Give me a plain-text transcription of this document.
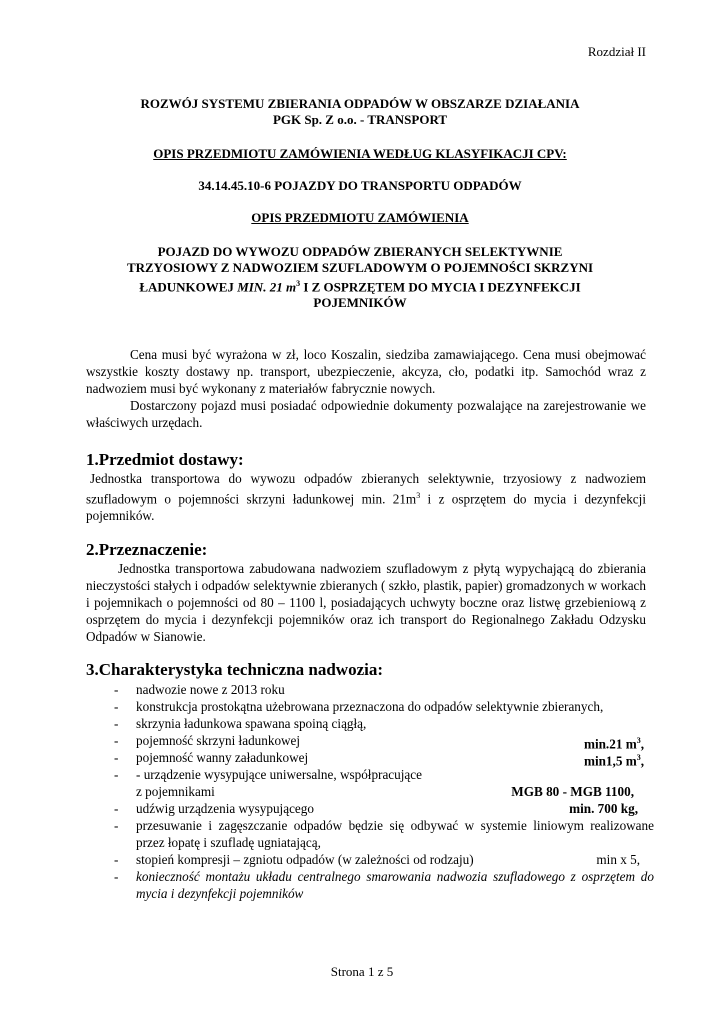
Rozdział II
ROZWÓJ SYSTEMU ZBIERANIA ODPADÓW W OBSZARZE DZIAŁANIA
PGK Sp. Z o.o. - TRANSPORT
OPIS PRZEDMIOTU ZAMÓWIENIA WEDŁUG KLASYFIKACJI CPV:
34.14.45.10-6 POJAZDY DO TRANSPORTU ODPADÓW
OPIS PRZEDMIOTU ZAMÓWIENIA
POJAZD DO WYWOZU ODPADÓW ZBIERANYCH SELEKTYWNIE
TRZYOSIOWY Z NADWOZIEM SZUFLADOWYM O POJEMNOŚCI SKRZYNI
ŁADUNKOWEJ MIN. 21 $m^3$ I Z OSPRZĘTEM DO MYCIA I DEZYNFEKCJI
POJEMNIKÓW

Cena musi być wyrażona w zł, loco Koszalin, siedziba zamawiającego. Cena musi obejmować wszystkie koszty dostawy np. transport, ubezpieczenie, akcyza, cło, podatki itp. Samochód wraz z nadwoziem musi być wykonany z materiałów fabrycznie nowych.

Dostarczony pojazd musi posiadać odpowiednie dokumenty pozwalające na zarejestrowanie we właściwych urzędach.

1.Przedmiot dostawy:

Jednostka transportowa do wywozu odpadów zbieranych selektywnie, trzyosiowy z nadwoziem szufladowym o pojemności skrzyni ładunkowej min. $21m^3$ i z osprzętem do mycia i dezynfekcji pojemników.

2.Przeznaczenie:

Jednostka transportowa zabudowana nadwoziem szufladowym z płytą wypychającą do zbierania nieczystości stałych i odpadów selektywnie zbieranych ( szkło, plastik, papier) gromadzonych w workach i pojemnikach o pojemności od 80 – 1100 l, posiadających uchwyty boczne oraz listwę grzebieniową z osprzętem do mycia i dezynfekcji pojemników oraz ich transport do Regionalnego Zakładu Odzysku Odpadów w Sianowie.

3.Charakterystyka techniczna nadwozia:
- nadwozie nowe z 2013 roku
- konstrukcja prostokątna użebrowana przeznaczona do odpadów selektywnie zbieranych,
- skrzynia ładunkowa spawana spoiną ciągłą,
- pojemność skrzyni ładunkowej	min.21 $m^3$,
- pojemność wanny załadunkowej	min1,5 $m^3$,
- - urządzenie wysypujące uniwersalne, współpracujące
z pojemnikami	MGB 80 - MGB 1100,
- udźwig urządzenia wysypującego	min. 700 kg,
- przesuwanie i zagęszczanie odpadów będzie się odbywać w systemie liniowym realizowane przez łopatę i szufladę ugniatającą,
- stopień kompresji – zgniotu odpadów (w zależności od rodzaju)	min x 5,
- konieczność montażu układu centralnego smarowania nadwozia szufladowego z osprzętem do mycia i dezynfekcji pojemników
Strona 1 z 5
